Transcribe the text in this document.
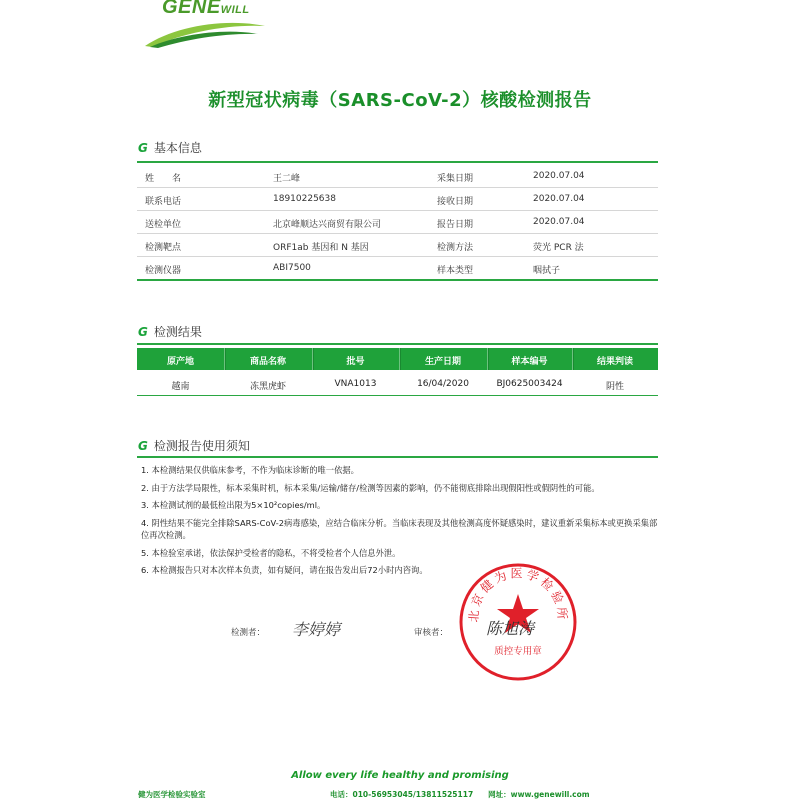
GENEWILL
新型冠状病毒（SARS-CoV-2）核酸检测报告
G 基本信息
姓　　名	王二峰	采集日期	2020.07.04
联系电话	18910225638	接收日期	2020.07.04
送检单位	北京峰顺达兴商贸有限公司	报告日期	2020.07.04
检测靶点	ORF1ab 基因和 N 基因	检测方法	荧光 PCR 法
检测仪器	ABI7500	样本类型	咽拭子
G 检测结果
原产地	商品名称	批号	生产日期	样本编号	结果判读
越南	冻黑虎虾	VNA1013	16/04/2020	BJ0625003424	阴性
G 检测报告使用须知

1. 本检测结果仅供临床参考，不作为临床诊断的唯一依据。

2. 由于方法学局限性，标本采集时机，标本采集/运输/储存/检测等因素的影响，仍不能彻底排除出现假阳性或假阴性的可能。

3. 本检测试剂的最低检出限为5×10²copies/ml。

4. 阴性结果不能完全排除SARS-CoV-2病毒感染，应结合临床分析。当临床表现及其他检测高度怀疑感染时，建议重新采集标本或更换采集部位再次检测。

5. 本检验室承诺，依法保护受检者的隐私，不将受检者个人信息外泄。

6. 本检测报告只对本次样本负责，如有疑问，请在报告发出后72小时内咨询。

北京健为医学检验所
质控专用章
检测者： 李婷婷	审核者： 陈旭涛
Allow every life healthy and promising
健为医学检验实验室	电话：010-56953045/13811525117　　网址：www.genewill.com
